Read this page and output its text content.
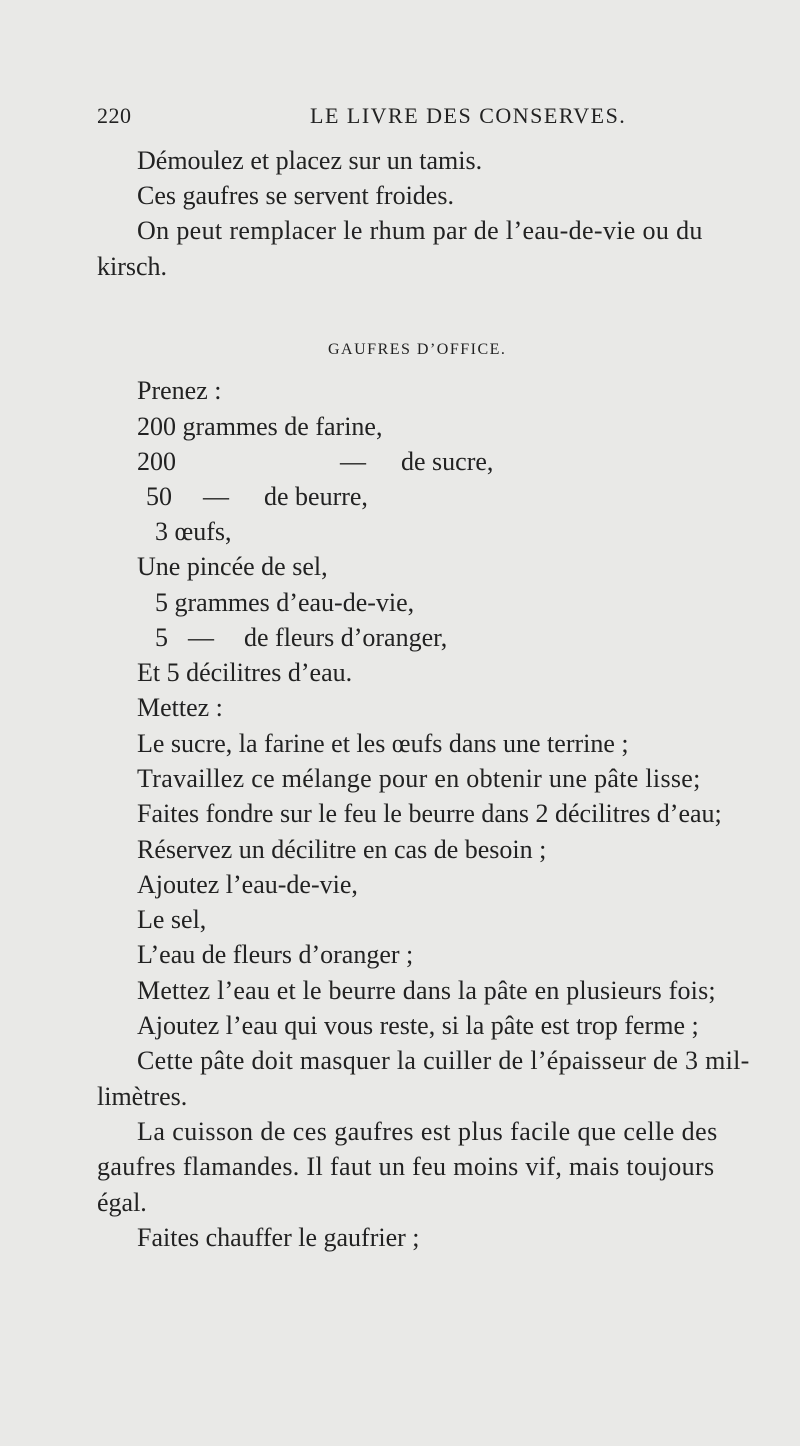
220	LE LIVRE DES CONSERVES.
Démoulez et placez sur un tamis.
Ces gaufres se servent froides.
On peut remplacer le rhum par de l’eau-de-vie ou du
kirsch.
GAUFRES D’OFFICE.
Prenez :
200 grammes de farine,
200	— de sucre,
50 — de beurre,
3 œufs,
Une pincée de sel,
5 grammes d’eau-de-vie,
5 — de fleurs d’oranger,
Et 5 décilitres d’eau.
Mettez :
Le sucre, la farine et les œufs dans une terrine ;
Travaillez ce mélange pour en obtenir une pâte lisse;
Faites fondre sur le feu le beurre dans 2 décilitres d’eau;
Réservez un décilitre en cas de besoin ;
Ajoutez l’eau-de-vie,
Le sel,
L’eau de fleurs d’oranger ;
Mettez l’eau et le beurre dans la pâte en plusieurs fois;
Ajoutez l’eau qui vous reste, si la pâte est trop ferme ;
Cette pâte doit masquer la cuiller de l’épaisseur de 3 mil-
limètres.
La cuisson de ces gaufres est plus facile que celle des
gaufres flamandes. Il faut un feu moins vif, mais toujours
égal.
Faites chauffer le gaufrier ;
